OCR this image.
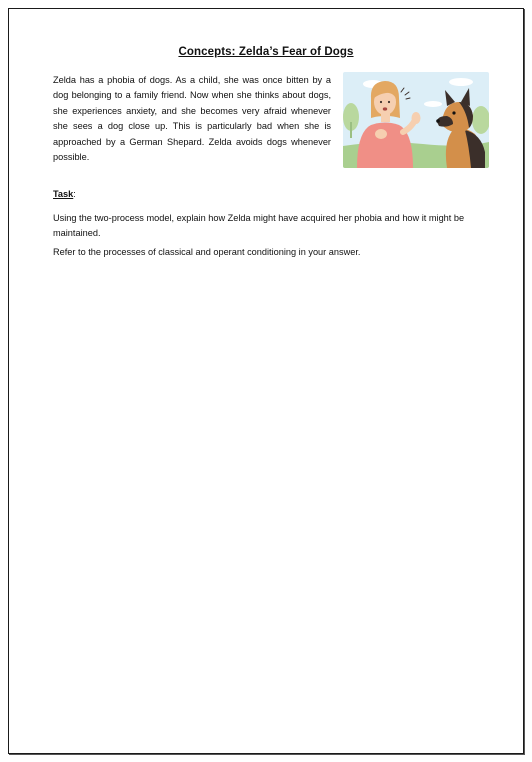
Concepts: Zelda’s Fear of Dogs
Zelda has a phobia of dogs. As a child, she was once bitten by a dog belonging to a family friend. Now when she thinks about dogs, she experiences anxiety, and she becomes very afraid whenever she sees a dog close up. This is particularly bad when she is approached by a German Shepard. Zelda avoids dogs whenever possible.
Task:
Using the two-process model, explain how Zelda might have acquired her phobia and how it might be maintained.
Refer to the processes of classical and operant conditioning in your answer.
